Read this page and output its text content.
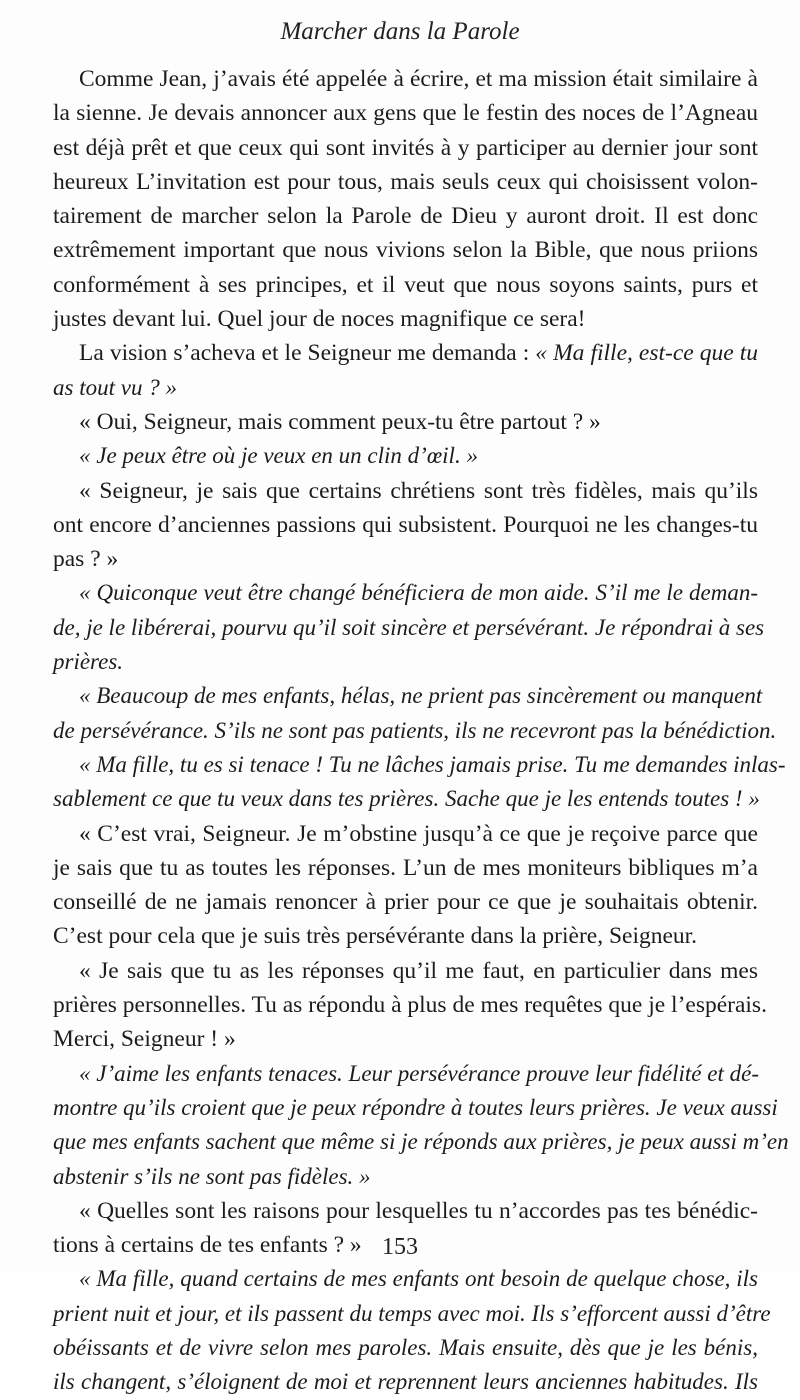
Marcher dans la Parole
Comme Jean, j’avais été appelée à écrire, et ma mission était similaire à
la sienne. Je devais annoncer aux gens que le festin des noces de l’Agneau
est déjà prêt et que ceux qui sont invités à y participer au dernier jour sont
heureux L’invitation est pour tous, mais seuls ceux qui choisissent volon-
tairement de marcher selon la Parole de Dieu y auront droit. Il est donc
extrêmement important que nous vivions selon la Bible, que nous priions
conformément à ses principes, et il veut que nous soyons saints, purs et
justes devant lui. Quel jour de noces magnifique ce sera!
La vision s’acheva et le Seigneur me demanda : « Ma fille, est-ce que tu
as tout vu ? »
« Oui, Seigneur, mais comment peux-tu être partout ? »
« Je peux être où je veux en un clin d’œil. »
« Seigneur, je sais que certains chrétiens sont très fidèles, mais qu’ils
ont encore d’anciennes passions qui subsistent. Pourquoi ne les changes-tu
pas ? »
« Quiconque veut être changé bénéficiera de mon aide. S’il me le deman-
de, je le libérerai, pourvu qu’il soit sincère et persévérant. Je répondrai à ses
prières.
« Beaucoup de mes enfants, hélas, ne prient pas sincèrement ou manquent
de persévérance. S’ils ne sont pas patients, ils ne recevront pas la bénédiction.
« Ma fille, tu es si tenace ! Tu ne lâches jamais prise. Tu me demandes inlas-
sablement ce que tu veux dans tes prières. Sache que je les entends toutes ! »
« C’est vrai, Seigneur. Je m’obstine jusqu’à ce que je reçoive parce que
je sais que tu as toutes les réponses. L’un de mes moniteurs bibliques m’a
conseillé de ne jamais renoncer à prier pour ce que je souhaitais obtenir.
C’est pour cela que je suis très persévérante dans la prière, Seigneur.
« Je sais que tu as les réponses qu’il me faut, en particulier dans mes
prières personnelles. Tu as répondu à plus de mes requêtes que je l’espérais.
Merci, Seigneur ! »
« J’aime les enfants tenaces. Leur persévérance prouve leur fidélité et dé-
montre qu’ils croient que je peux répondre à toutes leurs prières. Je veux aussi
que mes enfants sachent que même si je réponds aux prières, je peux aussi m’en
abstenir s’ils ne sont pas fidèles. »
« Quelles sont les raisons pour lesquelles tu n’accordes pas tes bénédic-
tions à certains de tes enfants ? »
« Ma fille, quand certains de mes enfants ont besoin de quelque chose, ils
prient nuit et jour, et ils passent du temps avec moi. Ils s’efforcent aussi d’être
obéissants et de vivre selon mes paroles. Mais ensuite, dès que je les bénis,
ils changent, s’éloignent de moi et reprennent leurs anciennes habitudes. Ils
153
